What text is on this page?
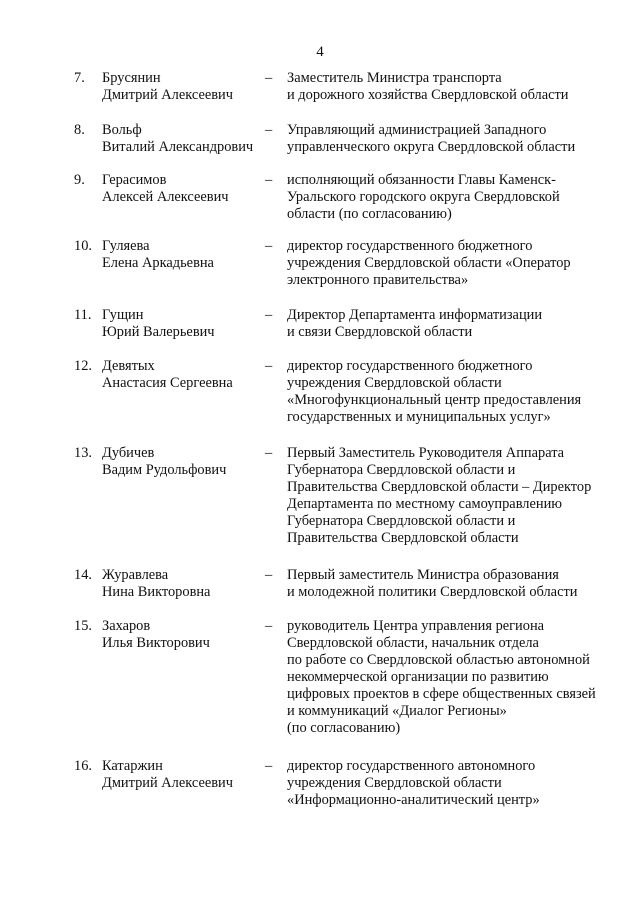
4
7. Брусянин
Дмитрий Алексеевич
– Заместитель Министра транспорта
и дорожного хозяйства Свердловской области
8. Вольф
Виталий Александрович
– Управляющий администрацией Западного
управленческого округа Свердловской области
9. Герасимов
Алексей Алексеевич
– исполняющий обязанности Главы Каменск-
Уральского городского округа Свердловской
области (по согласованию)
10. Гуляева
Елена Аркадьевна
– директор государственного бюджетного
учреждения Свердловской области «Оператор
электронного правительства»
11. Гущин
Юрий Валерьевич
– Директор Департамента информатизации
и связи Свердловской области
12. Девятых
Анастасия Сергеевна
– директор государственного бюджетного
учреждения Свердловской области
«Многофункциональный центр предоставления
государственных и муниципальных услуг»
13. Дубичев
Вадим Рудольфович
– Первый Заместитель Руководителя Аппарата
Губернатора Свердловской области и
Правительства Свердловской области – Директор
Департамента по местному самоуправлению
Губернатора Свердловской области и
Правительства Свердловской области
14. Журавлева
Нина Викторовна
– Первый заместитель Министра образования
и молодежной политики Свердловской области
15. Захаров
Илья Викторович
– руководитель Центра управления региона
Свердловской области, начальник отдела
по работе со Свердловской областью автономной
некоммерческой организации по развитию
цифровых проектов в сфере общественных связей
и коммуникаций «Диалог Регионы»
(по согласованию)
16. Катаржин
Дмитрий Алексеевич
– директор государственного автономного
учреждения Свердловской области
«Информационно-аналитический центр»
